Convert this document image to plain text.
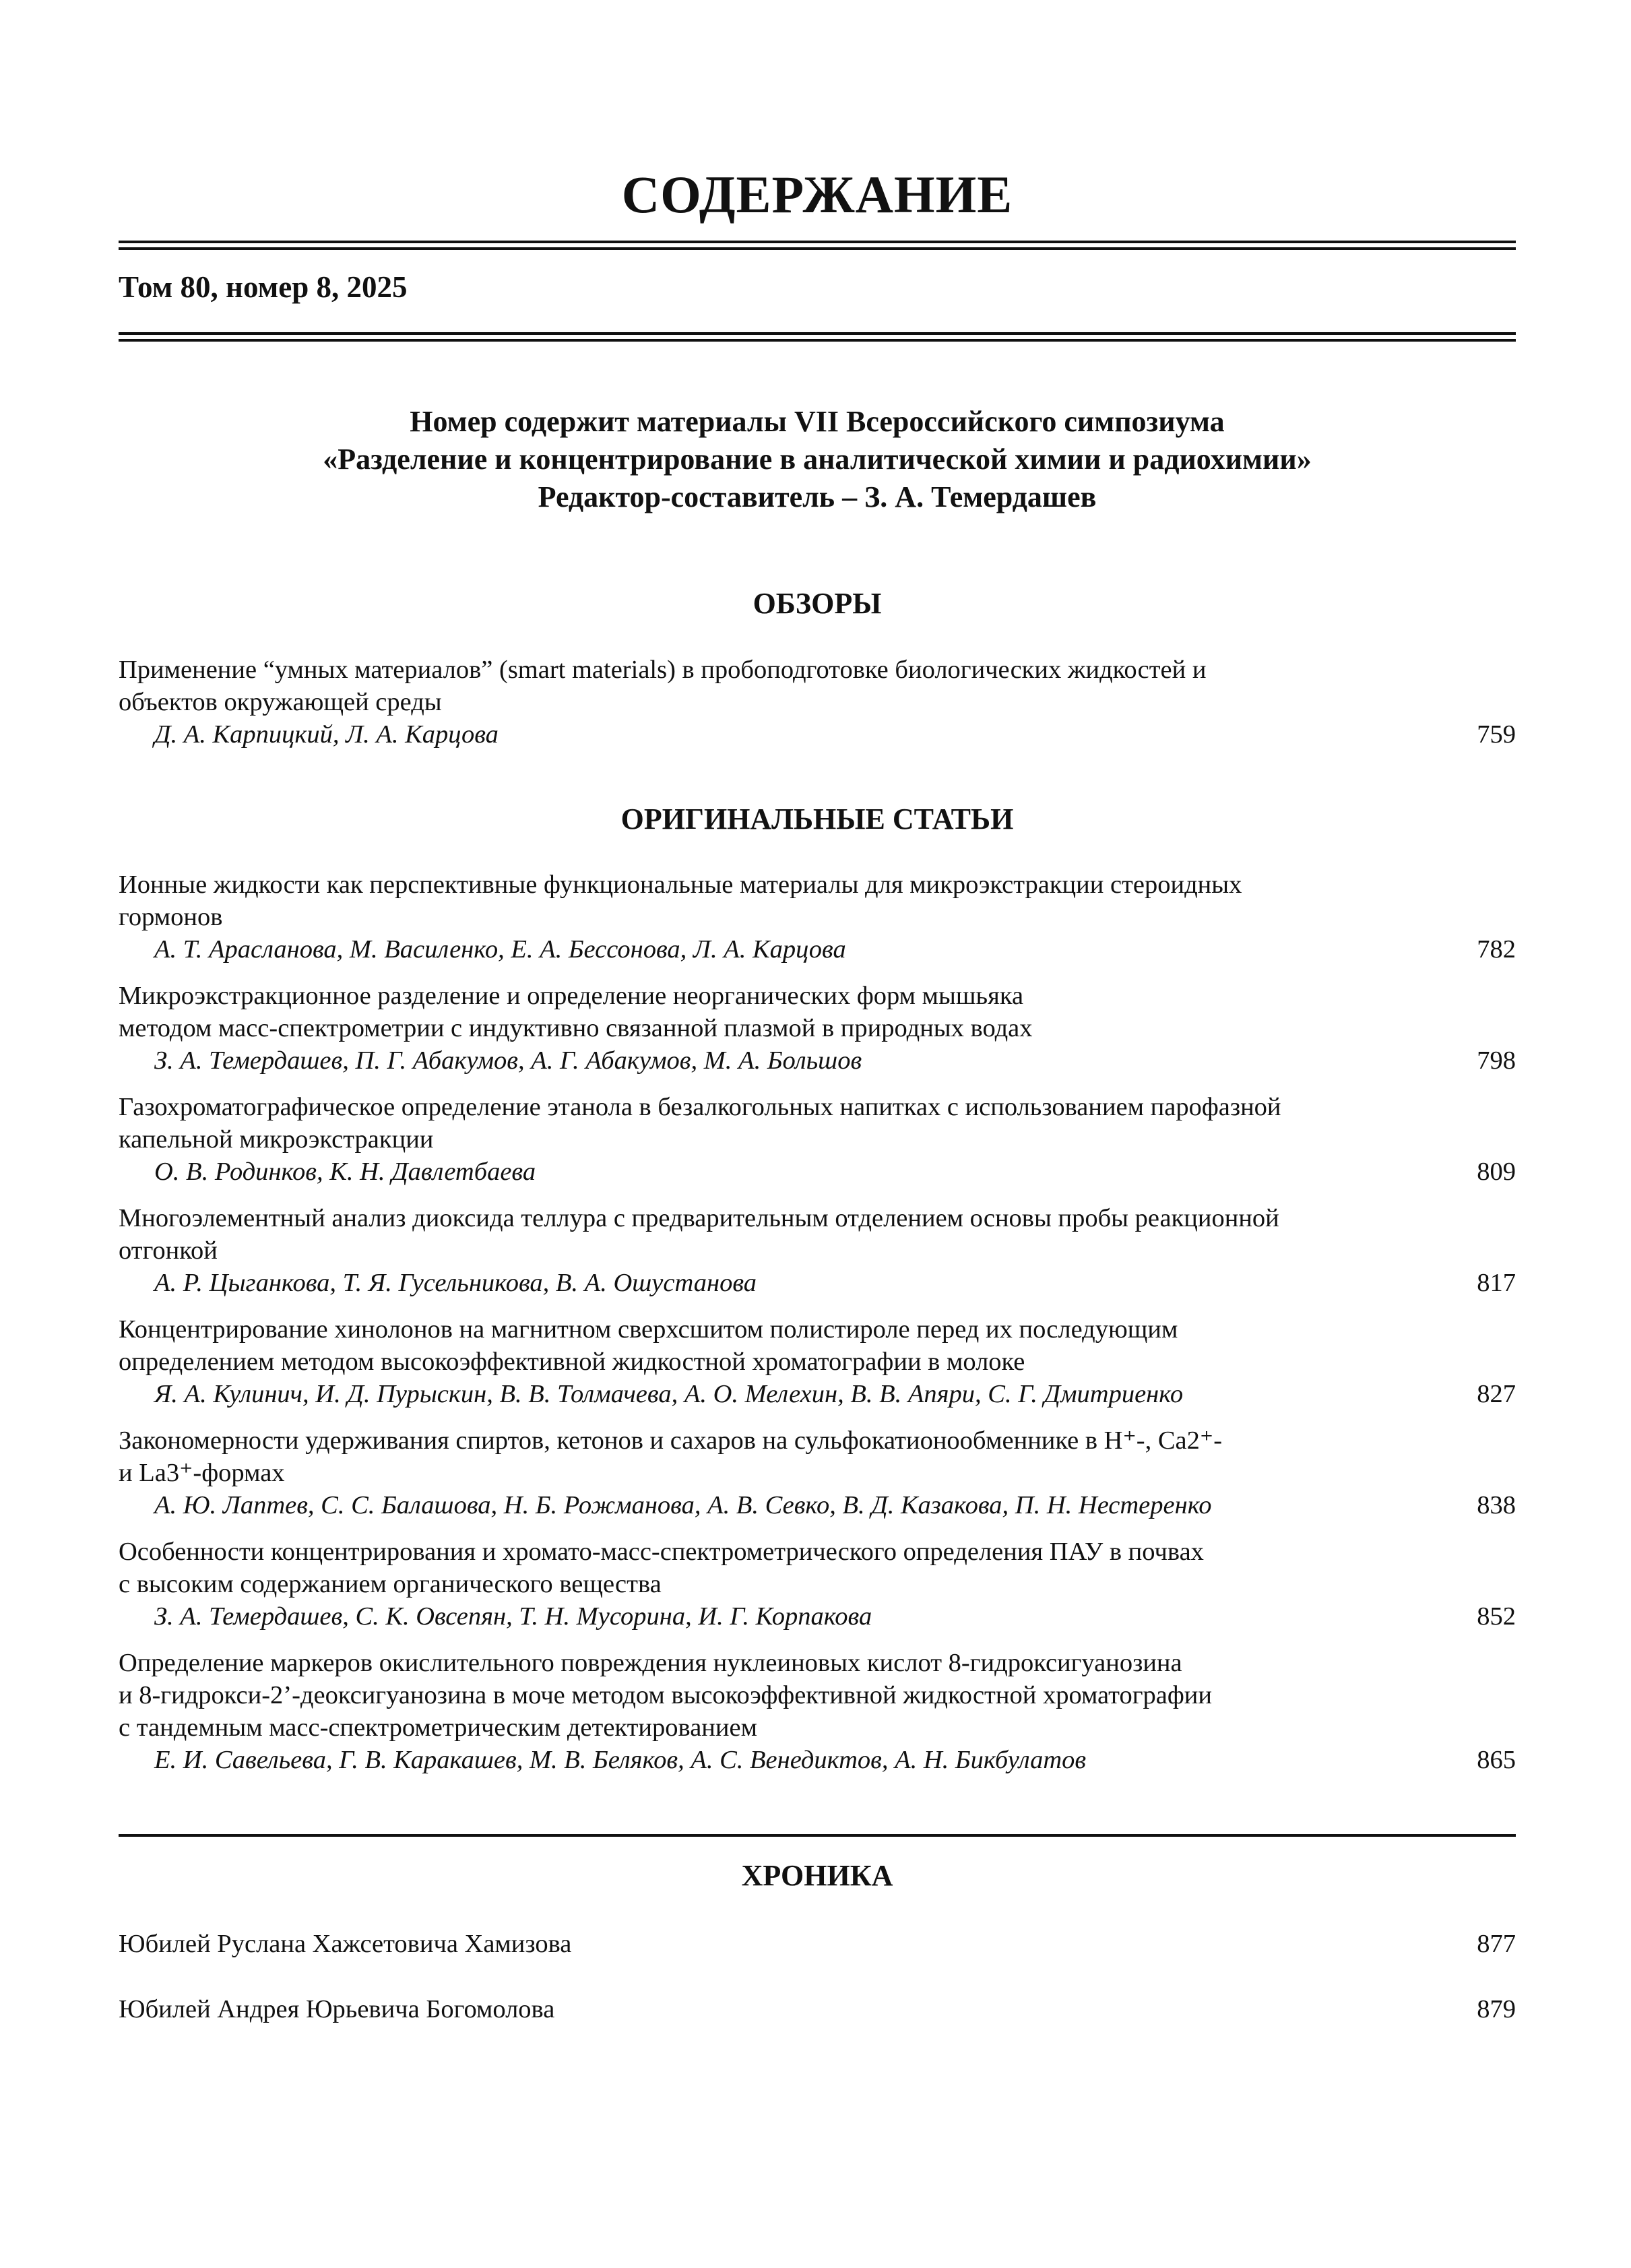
СОДЕРЖАНИЕ
Том 80, номер 8, 2025
Номер содержит материалы VII Всероссийского симпозиума
«Разделение и концентрирование в аналитической химии и радиохимии»
Редактор-составитель – З. А. Темердашев
ОБЗОРЫ
Применение “умных материалов” (smart materials) в пробоподготовке биологических жидкостей и
объектов окружающей среды
Д. А. Карпицкий, Л. А. Карцова	759
ОРИГИНАЛЬНЫЕ СТАТЬИ
Ионные жидкости как перспективные функциональные материалы для микроэкстракции стероидных
гормонов
А. Т. Арасланова, М. Василенко, Е. А. Бессонова, Л. А. Карцова	782
Микроэкстракционное разделение и определение неорганических форм мышьяка
методом масс-спектрометрии с индуктивно связанной плазмой в природных водах
З. А. Темердашев, П. Г. Абакумов, А. Г. Абакумов, М. А. Большов	798
Газохроматографическое определение этанола в безалкогольных напитках с использованием парофазной
капельной микроэкстракции
О. В. Родинков, К. Н. Давлетбаева	809
Многоэлементный анализ диоксида теллура с предварительным отделением основы пробы реакционной
отгонкой
А. Р. Цыганкова, Т. Я. Гусельникова, В. А. Ошустанова	817
Концентрирование хинолонов на магнитном сверхсшитом полистироле перед их последующим
определением методом высокоэффективной жидкостной хроматографии в молоке
Я. А. Кулинич, И. Д. Пурыскин, В. В. Толмачева, А. О. Мелехин, В. В. Апяри, С. Г. Дмитриенко	827
Закономерности удерживания спиртов, кетонов и сахаров на сульфокатионообменнике в H⁺-, Ca2⁺-
и La3⁺-формах
А. Ю. Лаптев, С. С. Балашова, Н. Б. Рожманова, А. В. Севко, В. Д. Казакова, П. Н. Нестеренко	838
Особенности концентрирования и хромато-масс-спектрометрического определения ПАУ в почвах
с высоким содержанием органического вещества
З. А. Темердашев, С. К. Овсепян, Т. Н. Мусорина, И. Г. Корпакова	852
Определение маркеров окислительного повреждения нуклеиновых кислот 8-гидроксигуанозина
и 8-гидрокси-2’-деоксигуанозина в моче методом высокоэффективной жидкостной хроматографии
с тандемным масс-спектрометрическим детектированием
Е. И. Савельева, Г. В. Каракашев, М. В. Беляков, А. С. Венедиктов, А. Н. Бикбулатов	865
ХРОНИКА
Юбилей Руслана Хажсетовича Хамизова	877
Юбилей Андрея Юрьевича Богомолова	879
